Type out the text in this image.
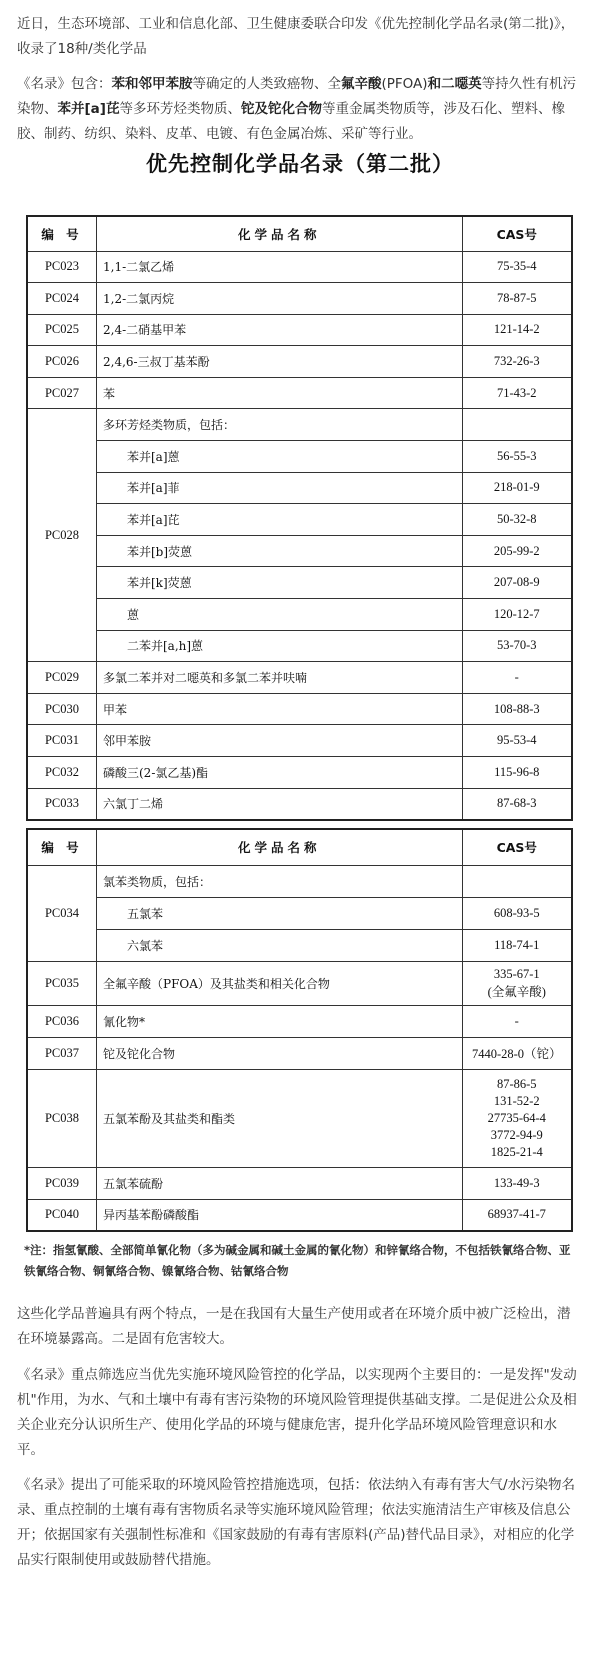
近日，生态环境部、工业和信息化部、卫生健康委联合印发《优先控制化学品名录(第二批)》，收录了18种/类化学品

《名录》包含：苯和邻甲苯胺等确定的人类致癌物、全氟辛酸(PFOA)和二噁英等持久性有机污染物、苯并[a]芘等多环芳烃类物质、铊及铊化合物等重金属类物质等，涉及石化、塑料、橡胶、制药、纺织、染料、皮革、电镀、有色金属冶炼、采矿等行业。

优先控制化学品名录（第二批）
编 号	化学品名称	CAS号
PC023	1,1-二氯乙烯	75-35-4
PC024	1,2-二氯丙烷	78-87-5
PC025	2,4-二硝基甲苯	121-14-2
PC026	2,4,6-三叔丁基苯酚	732-26-3
PC027	苯	71-43-2
PC028	多环芳烃类物质，包括：	
	苯并[a]蒽	56-55-3
	苯并[a]菲	218-01-9
	苯并[a]芘	50-32-8
	苯并[b]荧蒽	205-99-2
	苯并[k]荧蒽	207-08-9
	蒽	120-12-7
	二苯并[a,h]蒽	53-70-3
PC029	多氯二苯并对二噁英和多氯二苯并呋喃	-
PC030	甲苯	108-88-3
PC031	邻甲苯胺	95-53-4
PC032	磷酸三(2-氯乙基)酯	115-96-8
PC033	六氯丁二烯	87-68-3
编 号	化学品名称	CAS号
PC034	氯苯类物质，包括：	
	五氯苯	608-93-5
	六氯苯	118-74-1
PC035	全氟辛酸（PFOA）及其盐类和相关化合物	335-67-1
(全氟辛酸)

PC036	氰化物*	-
PC037	铊及铊化合物	7440-28-0（铊）
PC038	五氯苯酚及其盐类和酯类	87-86-5
131-52-2
27735-64-4
3772-94-9
1825-21-4

PC039	五氯苯硫酚	133-49-3
PC040	异丙基苯酚磷酸酯	68937-41-7

*注：指氢氰酸、全部简单氰化物（多为碱金属和碱土金属的氰化物）和锌氰络合物，不包括铁氰络合物、亚铁氰络合物、铜氰络合物、镍氰络合物、钴氰络合物

这些化学品普遍具有两个特点，一是在我国有大量生产使用或者在环境介质中被广泛检出，潜在环境暴露高。二是固有危害较大。

《名录》重点筛选应当优先实施环境风险管控的化学品，以实现两个主要目的：一是发挥"发动机"作用，为水、气和土壤中有毒有害污染物的环境风险管理提供基础支撑。二是促进公众及相关企业充分认识所生产、使用化学品的环境与健康危害，提升化学品环境风险管理意识和水平。

《名录》提出了可能采取的环境风险管控措施选项，包括：依法纳入有毒有害大气/水污染物名录、重点控制的土壤有毒有害物质名录等实施环境风险管理；依法实施清洁生产审核及信息公开；依据国家有关强制性标准和《国家鼓励的有毒有害原料(产品)替代品目录》，对相应的化学品实行限制使用或鼓励替代措施。
